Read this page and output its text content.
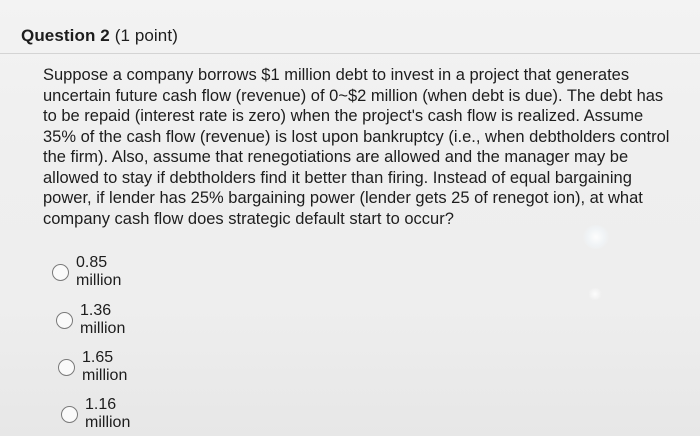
Question 2 (1 point)
Suppose a company borrows $1 million debt to invest in a project that generates uncertain future cash flow (revenue) of 0~$2 million (when debt is due). The debt has to be repaid (interest rate is zero) when the project's cash flow is realized. Assume 35% of the cash flow (revenue) is lost upon bankruptcy (i.e., when debtholders control the firm). Also, assume that renegotiations are allowed and the manager may be allowed to stay if debtholders find it better than firing. Instead of equal bargaining power, if lender has 25% bargaining power (lender gets 25 of renegot ion), at what company cash flow does strategic default start to occur?
0.85 million
1.36 million
1.65 million
1.16 million
